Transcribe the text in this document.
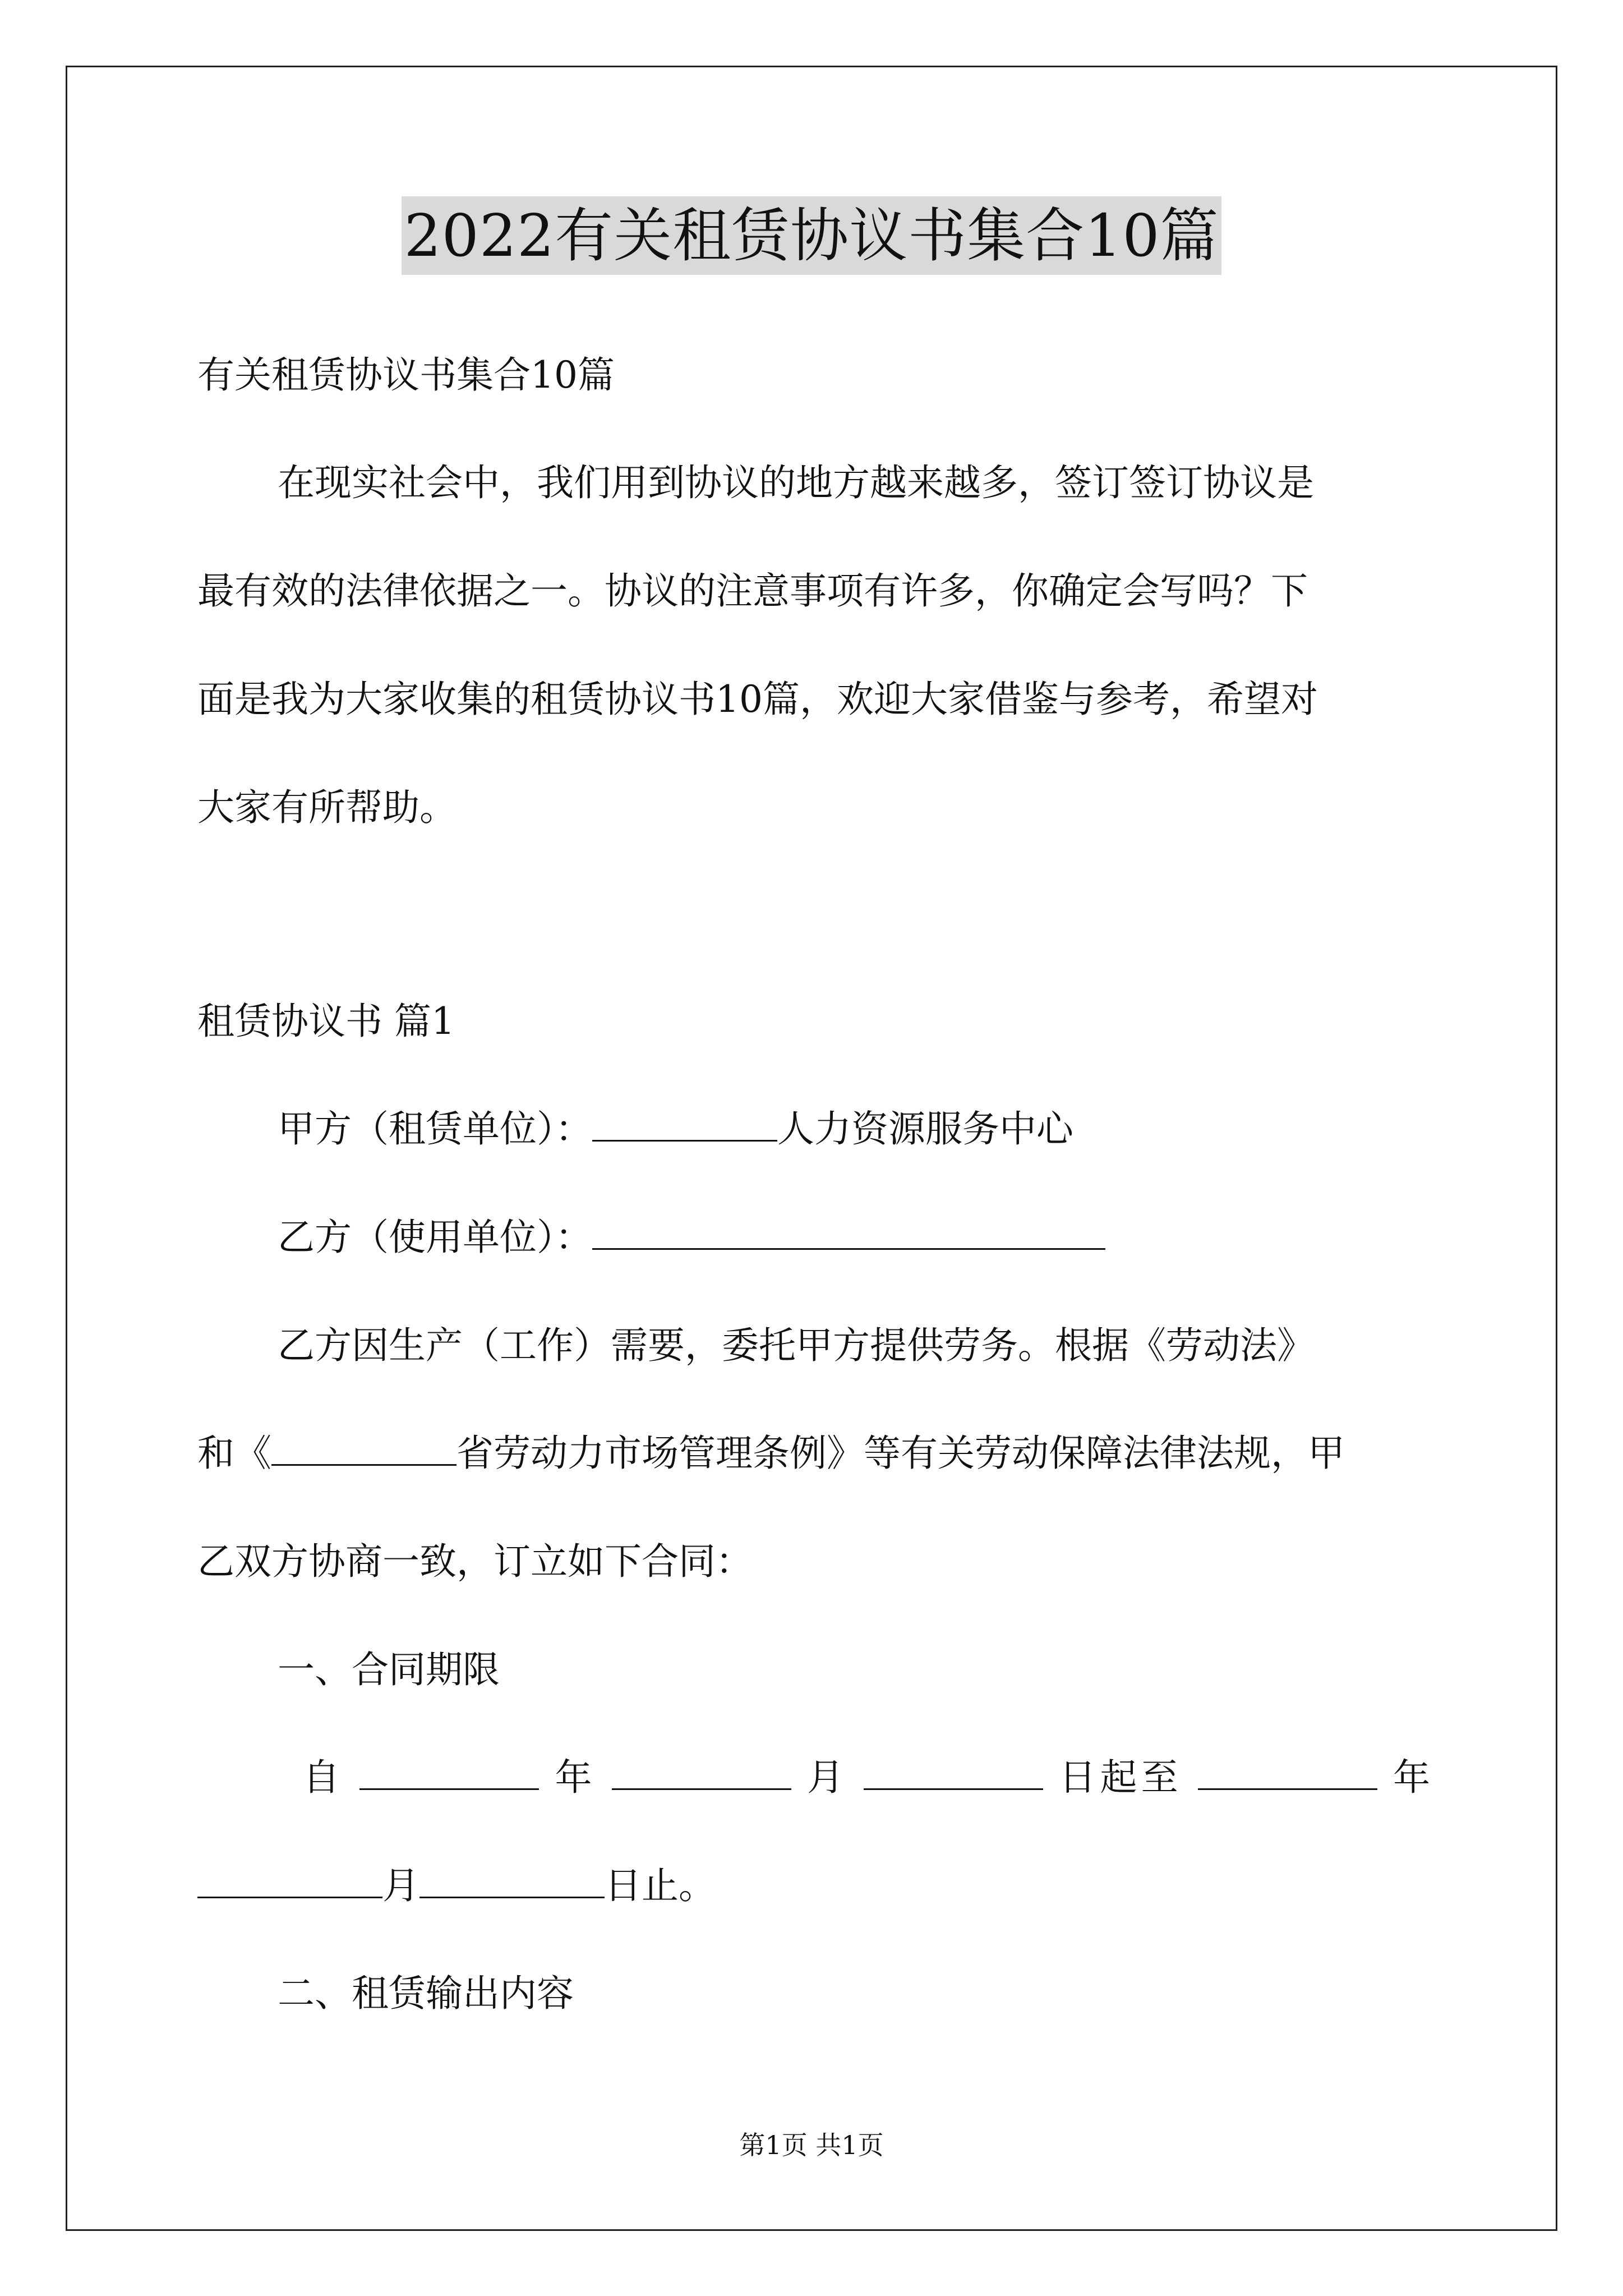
2022有关租赁协议书集合10篇
有关租赁协议书集合10篇
在现实社会中，我们用到协议的地方越来越多，签订签订协议是
最有效的法律依据之一。协议的注意事项有许多，你确定会写吗？下
面是我为大家收集的租赁协议书10篇，欢迎大家借鉴与参考，希望对
大家有所帮助。
租赁协议书 篇1
甲方（租赁单位）：	人力资源服务中心
乙方（使用单位）：
乙方因生产（工作）需要，委托甲方提供劳务。根据《劳动法》
和《	省劳动力市场管理条例》等有关劳动保障法律法规，甲
乙双方协商一致，订立如下合同：
一、合同期限
自	年	月	日起至	年
月	日止。
二、租赁输出内容
第1页 共1页
